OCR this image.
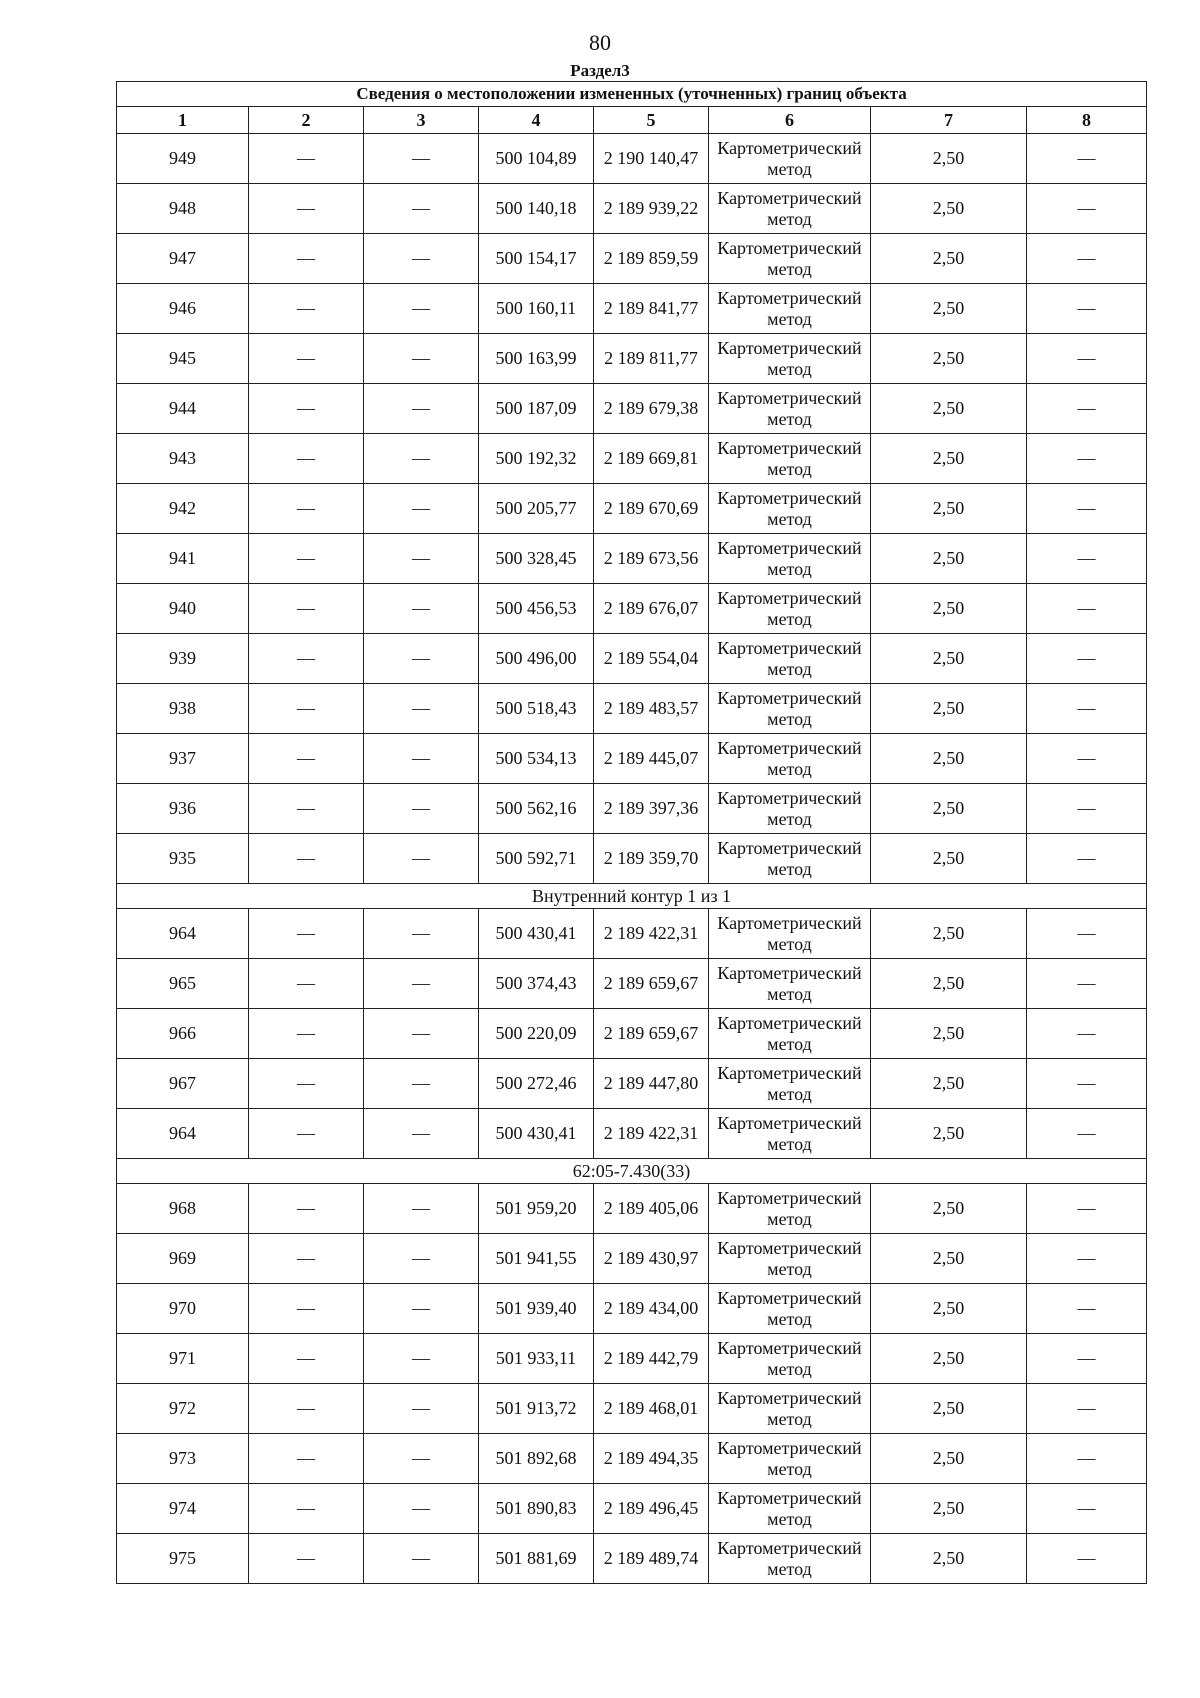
80
Раздел3
Сведения о местоположении измененных (уточненных) границ объекта							
1	2	3	4	5	6	7	8
949	—	—	500 104,89	2 190 140,47	Картометрический метод	2,50	—
948	—	—	500 140,18	2 189 939,22	Картометрический метод	2,50	—
947	—	—	500 154,17	2 189 859,59	Картометрический метод	2,50	—
946	—	—	500 160,11	2 189 841,77	Картометрический метод	2,50	—
945	—	—	500 163,99	2 189 811,77	Картометрический метод	2,50	—
944	—	—	500 187,09	2 189 679,38	Картометрический метод	2,50	—
943	—	—	500 192,32	2 189 669,81	Картометрический метод	2,50	—
942	—	—	500 205,77	2 189 670,69	Картометрический метод	2,50	—
941	—	—	500 328,45	2 189 673,56	Картометрический метод	2,50	—
940	—	—	500 456,53	2 189 676,07	Картометрический метод	2,50	—
939	—	—	500 496,00	2 189 554,04	Картометрический метод	2,50	—
938	—	—	500 518,43	2 189 483,57	Картометрический метод	2,50	—
937	—	—	500 534,13	2 189 445,07	Картометрический метод	2,50	—
936	—	—	500 562,16	2 189 397,36	Картометрический метод	2,50	—
935	—	—	500 592,71	2 189 359,70	Картометрический метод	2,50	—
Внутренний контур 1 из 1							
964	—	—	500 430,41	2 189 422,31	Картометрический метод	2,50	—
965	—	—	500 374,43	2 189 659,67	Картометрический метод	2,50	—
966	—	—	500 220,09	2 189 659,67	Картометрический метод	2,50	—
967	—	—	500 272,46	2 189 447,80	Картометрический метод	2,50	—
964	—	—	500 430,41	2 189 422,31	Картометрический метод	2,50	—
62:05-7.430(33)							
968	—	—	501 959,20	2 189 405,06	Картометрический метод	2,50	—
969	—	—	501 941,55	2 189 430,97	Картометрический метод	2,50	—
970	—	—	501 939,40	2 189 434,00	Картометрический метод	2,50	—
971	—	—	501 933,11	2 189 442,79	Картометрический метод	2,50	—
972	—	—	501 913,72	2 189 468,01	Картометрический метод	2,50	—
973	—	—	501 892,68	2 189 494,35	Картометрический метод	2,50	—
974	—	—	501 890,83	2 189 496,45	Картометрический метод	2,50	—
975	—	—	501 881,69	2 189 489,74	Картометрический метод	2,50	—
